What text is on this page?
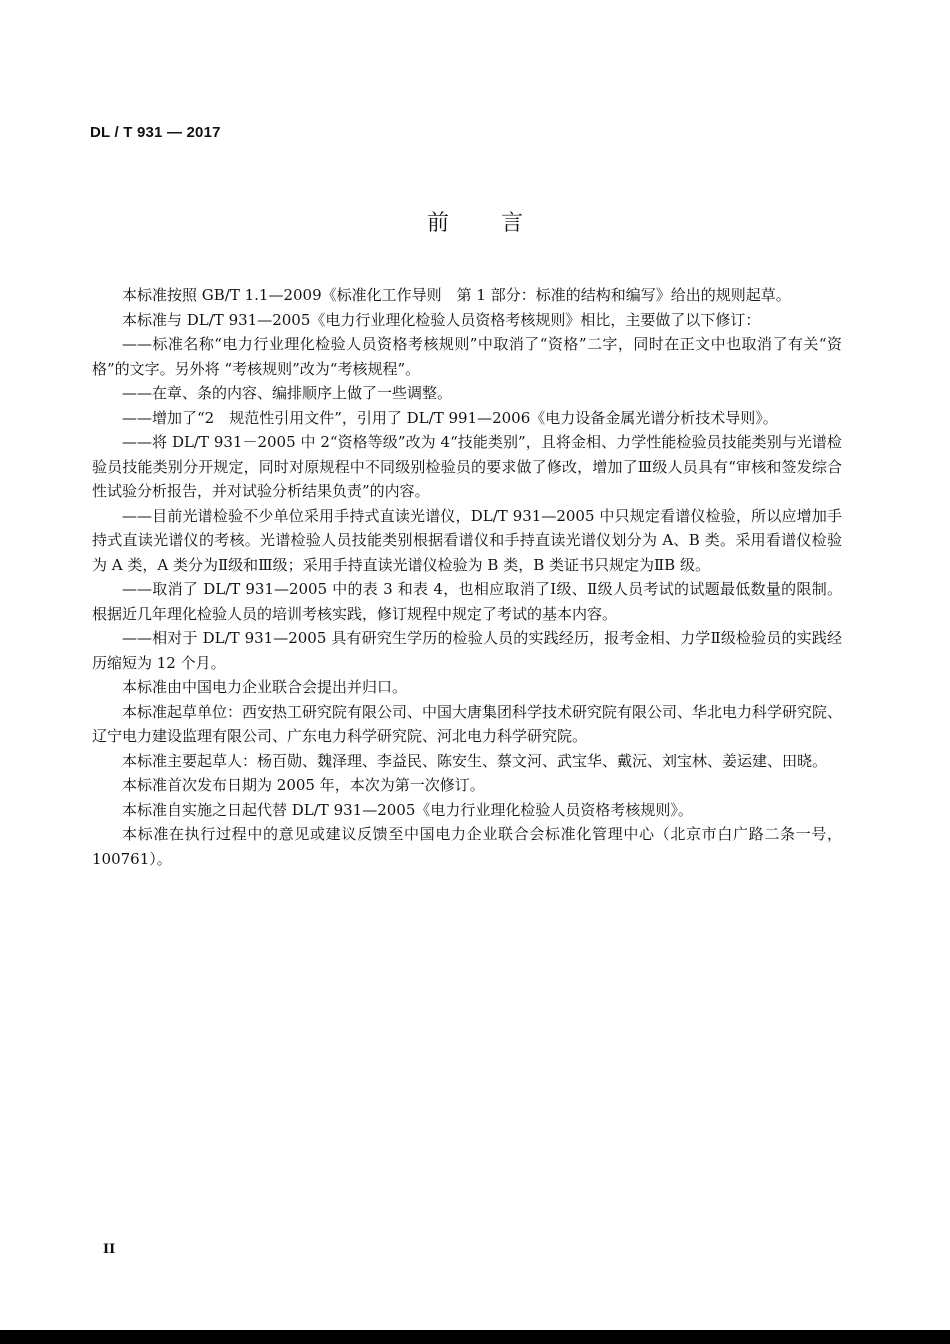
DL / T 931 — 2017
前言

本标准按照 GB/T 1.1—2009《标准化工作导则　第 1 部分：标准的结构和编写》给出的规则起草。

本标准与 DL/T 931—2005《电力行业理化检验人员资格考核规则》相比，主要做了以下修订：

——标准名称“电力行业理化检验人员资格考核规则”中取消了“资格”二字，同时在正文中也取消了有关“资格”的文字。另外将 “考核规则”改为“考核规程”。

——在章、条的内容、编排顺序上做了一些调整。

——增加了“2　规范性引用文件”，引用了 DL/T 991—2006《电力设备金属光谱分析技术导则》。

——将 DL/T 931－2005 中 2“资格等级”改为 4“技能类别”，且将金相、力学性能检验员技能类别与光谱检验员技能类别分开规定，同时对原规程中不同级别检验员的要求做了修改，增加了Ⅲ级人员具有“审核和签发综合性试验分析报告，并对试验分析结果负责”的内容。

——目前光谱检验不少单位采用手持式直读光谱仪，DL/T 931—2005 中只规定看谱仪检验，所以应增加手持式直读光谱仪的考核。光谱检验人员技能类别根据看谱仪和手持直读光谱仪划分为 A、B 类。采用看谱仪检验为 A 类，A 类分为Ⅱ级和Ⅲ级；采用手持直读光谱仪检验为 B 类，B 类证书只规定为ⅡB 级。

——取消了 DL/T 931—2005 中的表 3 和表 4，也相应取消了Ⅰ级、Ⅱ级人员考试的试题最低数量的限制。根据近几年理化检验人员的培训考核实践，修订规程中规定了考试的基本内容。

——相对于 DL/T 931—2005 具有研究生学历的检验人员的实践经历，报考金相、力学Ⅱ级检验员的实践经历缩短为 12 个月。

本标准由中国电力企业联合会提出并归口。

本标准起草单位：西安热工研究院有限公司、中国大唐集团科学技术研究院有限公司、华北电力科学研究院、辽宁电力建设监理有限公司、广东电力科学研究院、河北电力科学研究院。

本标准主要起草人：杨百勋、魏泽理、李益民、陈安生、蔡文河、武宝华、戴沅、刘宝林、姜运建、田晓。

本标准首次发布日期为 2005 年，本次为第一次修订。

本标准自实施之日起代替 DL/T 931—2005《电力行业理化检验人员资格考核规则》。

本标准在执行过程中的意见或建议反馈至中国电力企业联合会标准化管理中心（北京市白广路二条一号，100761）。

II
